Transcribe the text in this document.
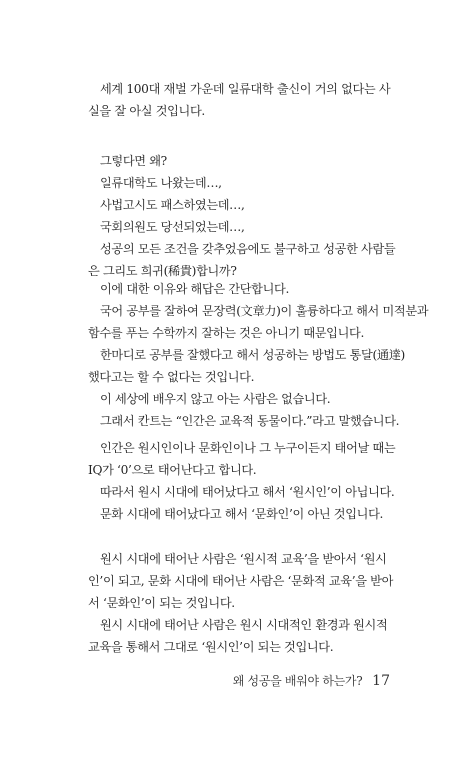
세계 100대 재벌 가운데 일류대학 출신이 거의 없다는 사
실을 잘 아실 것입니다.
그렇다면 왜?
일류대학도 나왔는데…,
사법고시도 패스하였는데…,
국회의원도 당선되었는데…,
성공의 모든 조건을 갖추었음에도 불구하고 성공한 사람들
은 그리도 희귀(稀貴)합니까?
이에 대한 이유와 해답은 간단합니다.
국어 공부를 잘하여 문장력(文章力)이 훌륭하다고 해서 미적분과
함수를 푸는 수학까지 잘하는 것은 아니기 때문입니다.
한마디로 공부를 잘했다고 해서 성공하는 방법도 통달(通達)
했다고는 할 수 없다는 것입니다.
이 세상에 배우지 않고 아는 사람은 없습니다.
그래서 칸트는 “인간은 교육적 동물이다.”라고 말했습니다.
인간은 원시인이나 문화인이나 그 누구이든지 태어날 때는
IQ가 ‘0’으로 태어난다고 합니다.
따라서 원시 시대에 태어났다고 해서 ‘원시인’이 아닙니다.
문화 시대에 태어났다고 해서 ‘문화인’이 아닌 것입니다.
원시 시대에 태어난 사람은 ‘원시적 교육’을 받아서 ‘원시
인’이 되고, 문화 시대에 태어난 사람은 ‘문화적 교육’을 받아
서 ‘문화인’이 되는 것입니다.
원시 시대에 태어난 사람은 원시 시대적인 환경과 원시적
교육을 통해서 그대로 ‘원시인’이 되는 것입니다.
왜 성공을 배워야 하는가? 17
